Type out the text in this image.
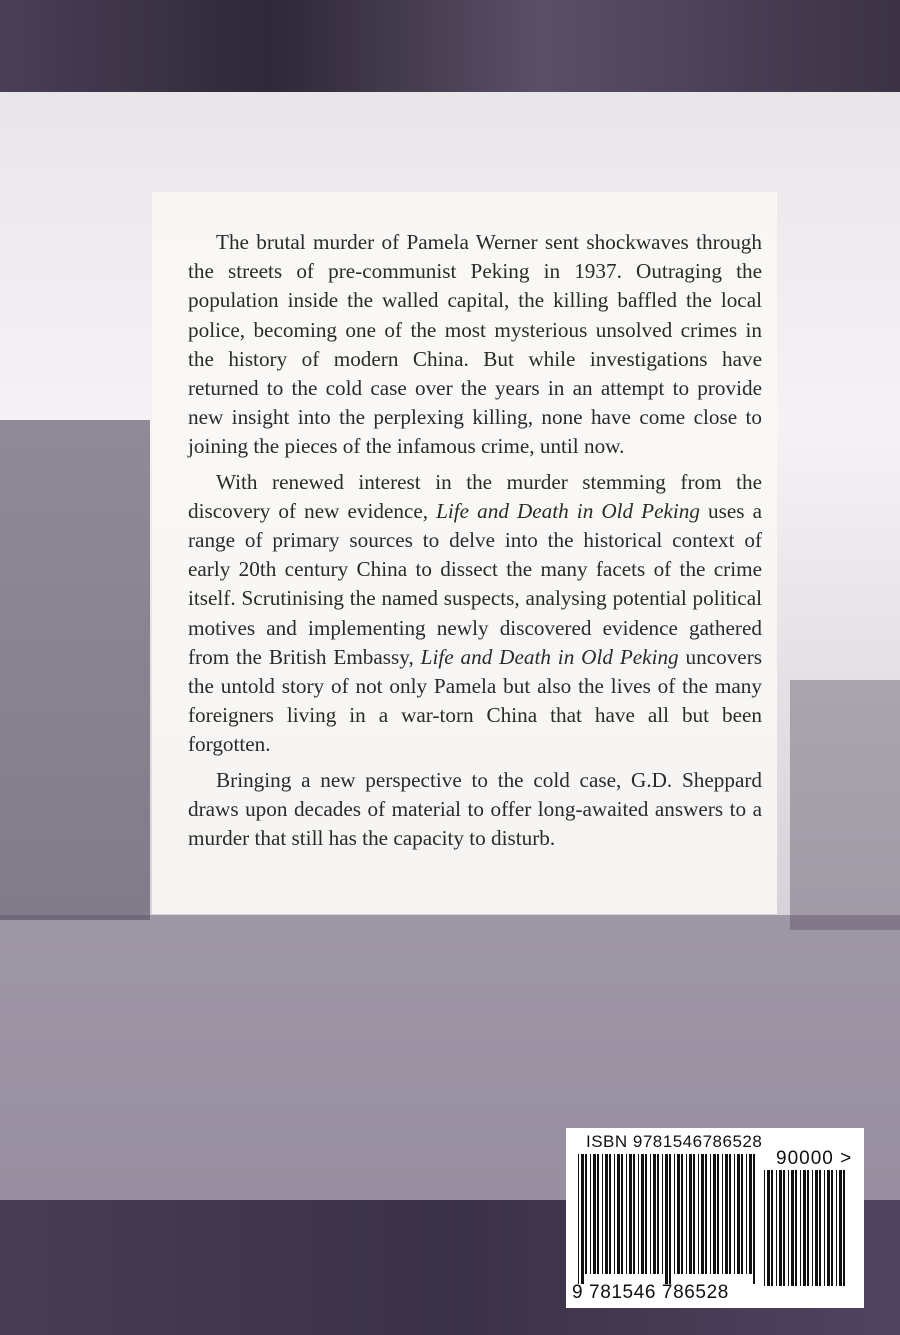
The brutal murder of Pamela Werner sent shockwaves through the streets of pre-communist Peking in 1937. Outraging the population inside the walled capital, the killing baffled the local police, becoming one of the most mysterious unsolved crimes in the history of modern China. But while investigations have returned to the cold case over the years in an attempt to provide new insight into the perplexing killing, none have come close to joining the pieces of the infamous crime, until now.

With renewed interest in the murder stemming from the discovery of new evidence, Life and Death in Old Peking uses a range of primary sources to delve into the historical context of early 20th century China to dissect the many facets of the crime itself. Scrutinising the named suspects, analysing potential political motives and implementing newly discovered evidence gathered from the British Embassy, Life and Death in Old Peking uncovers the untold story of not only Pamela but also the lives of the many foreigners living in a war-torn China that have all but been forgotten.

Bringing a new perspective to the cold case, G.D. Sheppard draws upon decades of material to offer long-awaited answers to a murder that still has the capacity to disturb.

ISBN 9781546786528
9 781546 786528
90000 >
